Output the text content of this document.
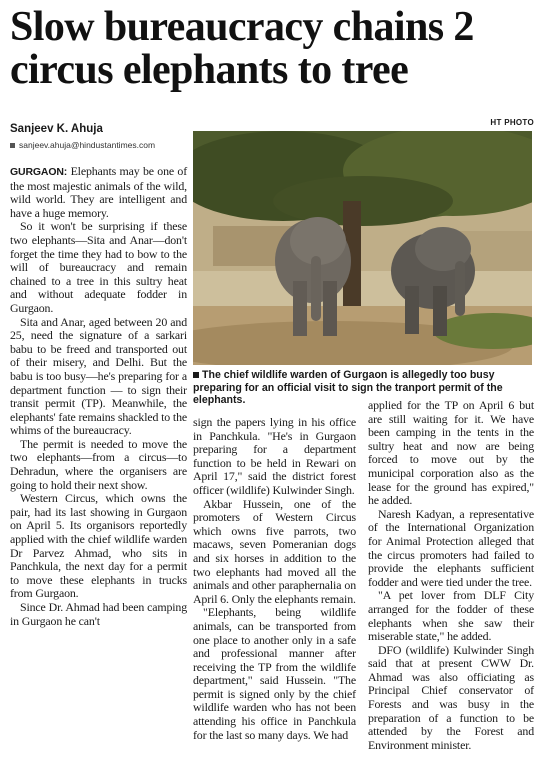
Slow bureaucracy chains 2 circus elephants to tree
Sanjeev K. Ahuja
sanjeev.ahuja@hindustantimes.com
HT PHOTO
The chief wildlife warden of Gurgaon is allegedly too busy preparing for an official visit to sign the tranport permit of the elephants.

GURGAON: Elephants may be one of the most majestic animals of the wild, wild world. They are intelligent and have a huge memory.

So it won't be surprising if these two elephants—Sita and Anar—don't forget the time they had to bow to the will of bureaucracy and remain chained to a tree in this sultry heat and without adequate fodder in Gurgaon.

Sita and Anar, aged between 20 and 25, need the signature of a sarkari babu to be freed and transported out of their misery, and Delhi. But the babu is too busy—he's preparing for a department function — to sign their transit permit (TP). Meanwhile, the elephants' fate remains shackled to the whims of the bureaucracy.

The permit is needed to move the two elephants—from a circus—to Dehradun, where the organisers are going to hold their next show.

Western Circus, which owns the pair, had its last showing in Gurgaon on April 5. Its organisors reportedly applied with the chief wildlife warden Dr Parvez Ahmad, who sits in Panchkula, the next day for a permit to move these elephants in trucks from Gurgaon.

Since Dr. Ahmad had been camping in Gurgaon he can't

sign the papers lying in his office in Panchkula. "He's in Gurgaon preparing for a department function to be held in Rewari on April 17," said the district forest officer (wildlife) Kulwinder Singh.

Akbar Hussein, one of the promoters of Western Circus which owns five parrots, two macaws, seven Pomeranian dogs and six horses in addition to the two elephants had moved all the animals and other paraphernalia on April 6. Only the elephants remain.

"Elephants, being wildlife animals, can be transported from one place to another only in a safe and professional manner after receiving the TP from the wildlife department," said Hussein. "The permit is signed only by the chief wildlife warden who has not been attending his office in Panchkula for the last so many days. We had

applied for the TP on April 6 but are still waiting for it. We have been camping in the tents in the sultry heat and now are being forced to move out by the municipal corporation also as the lease for the ground has expired," he added.

Naresh Kadyan, a representative of the International Organization for Animal Protection alleged that the circus promoters had failed to provide the elephants sufficient fodder and were tied under the tree.

"A pet lover from DLF City arranged for the fodder of these elephants when she saw their miserable state," he added.

DFO (wildlife) Kulwinder Singh said that at present CWW Dr. Ahmad was also officiating as Principal Chief conservator of Forests and was busy in the preparation of a function to be attended by the Forest and Environment minister.
